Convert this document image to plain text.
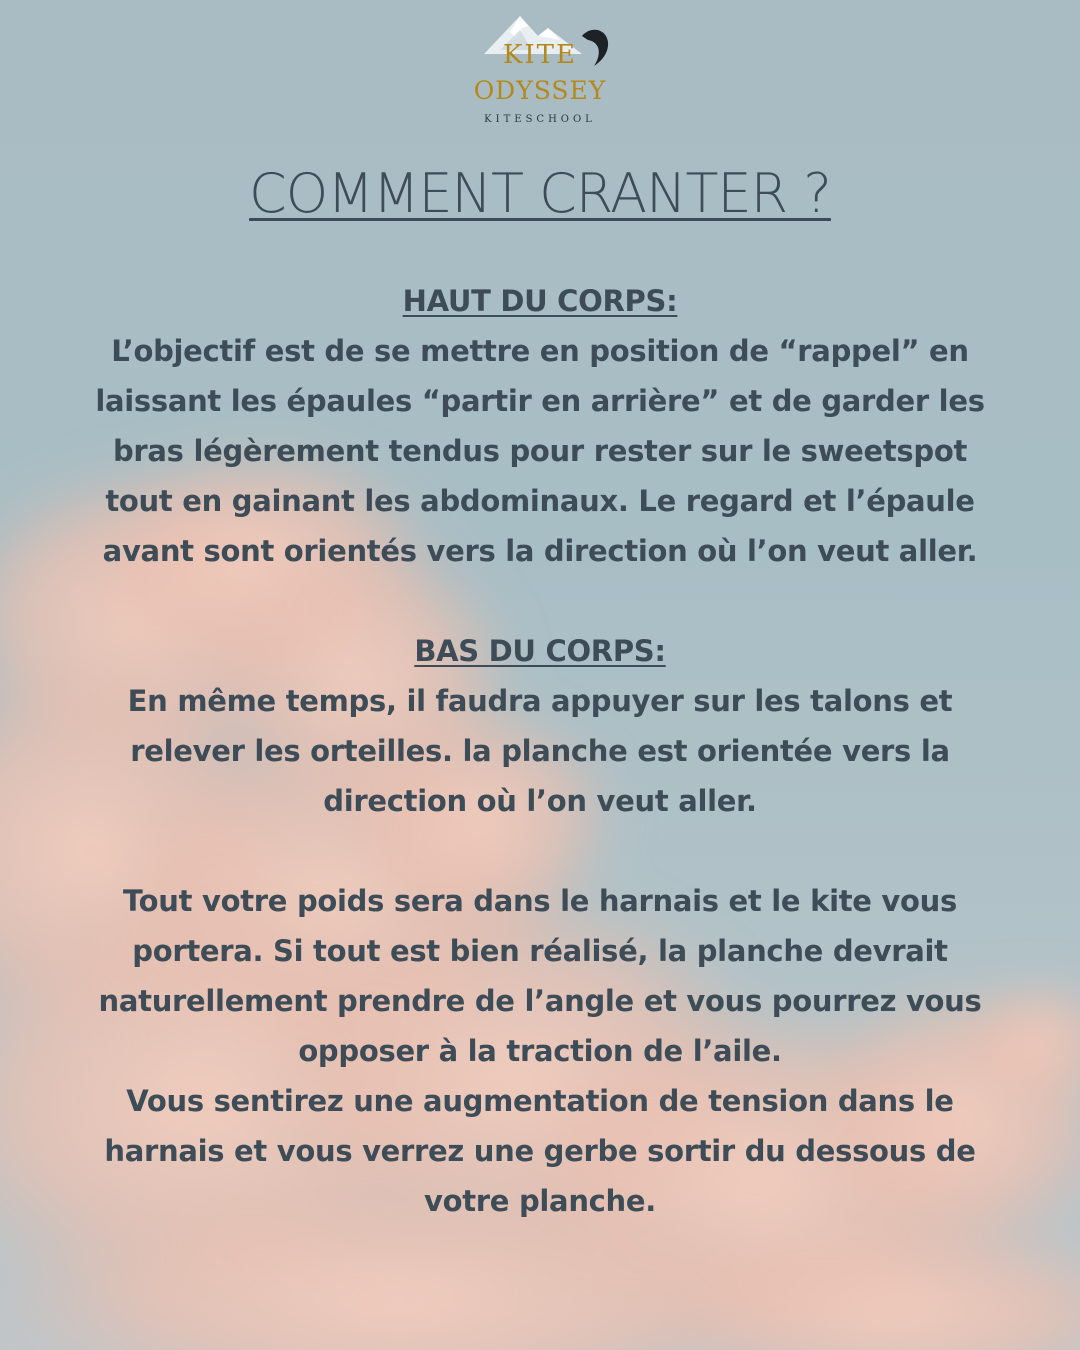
KITE
ODYSSEY
KITESCHOOL
COMMENT CRANTER ?

HAUT DU CORPS:

L’objectif est de se mettre en position de “rappel” en laissant les épaules “partir en arrière” et de garder les bras légèrement tendus pour rester sur le sweetspot tout en gainant les abdominaux. Le regard et l’épaule avant sont orientés vers la direction où l’on veut aller.

BAS DU CORPS:

En même temps, il faudra appuyer sur les talons et relever les orteilles. la planche est orientée vers la direction où l’on veut aller.

Tout votre poids sera dans le harnais et le kite vous portera. Si tout est bien réalisé, la planche devrait naturellement prendre de l’angle et vous pourrez vous opposer à la traction de l’aile.

Vous sentirez une augmentation de tension dans le harnais et vous verrez une gerbe sortir du dessous de votre planche.
